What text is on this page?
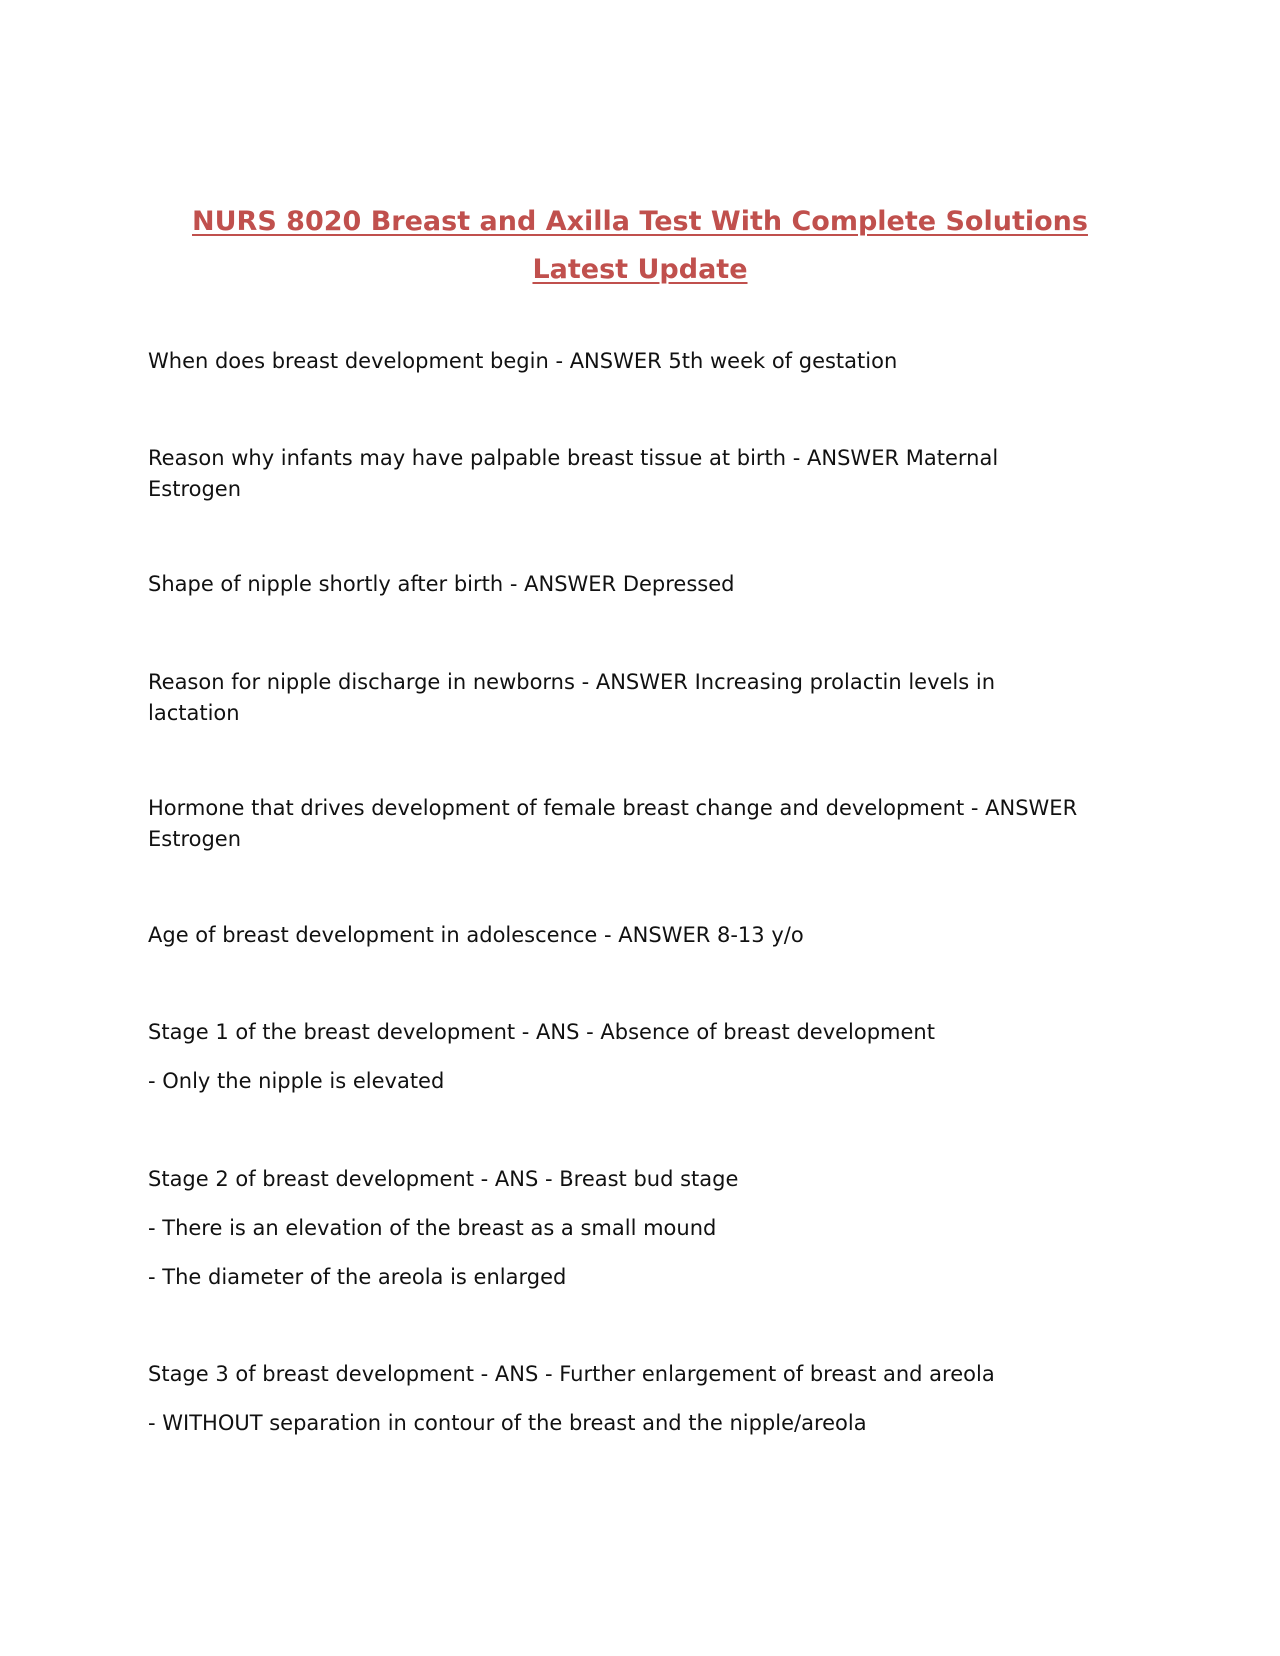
NURS 8020 Breast and Axilla Test With Complete Solutions
Latest Update
When does breast development begin - ANSWER 5th week of gestation
Reason why infants may have palpable breast tissue at birth - ANSWER Maternal
Estrogen
Shape of nipple shortly after birth - ANSWER Depressed
Reason for nipple discharge in newborns - ANSWER Increasing prolactin levels in
lactation
Hormone that drives development of female breast change and development - ANSWER
Estrogen
Age of breast development in adolescence - ANSWER 8-13 y/o
Stage 1 of the breast development - ANS - Absence of breast development
- Only the nipple is elevated
Stage 2 of breast development - ANS - Breast bud stage
- There is an elevation of the breast as a small mound
- The diameter of the areola is enlarged
Stage 3 of breast development - ANS - Further enlargement of breast and areola
- WITHOUT separation in contour of the breast and the nipple/areola
